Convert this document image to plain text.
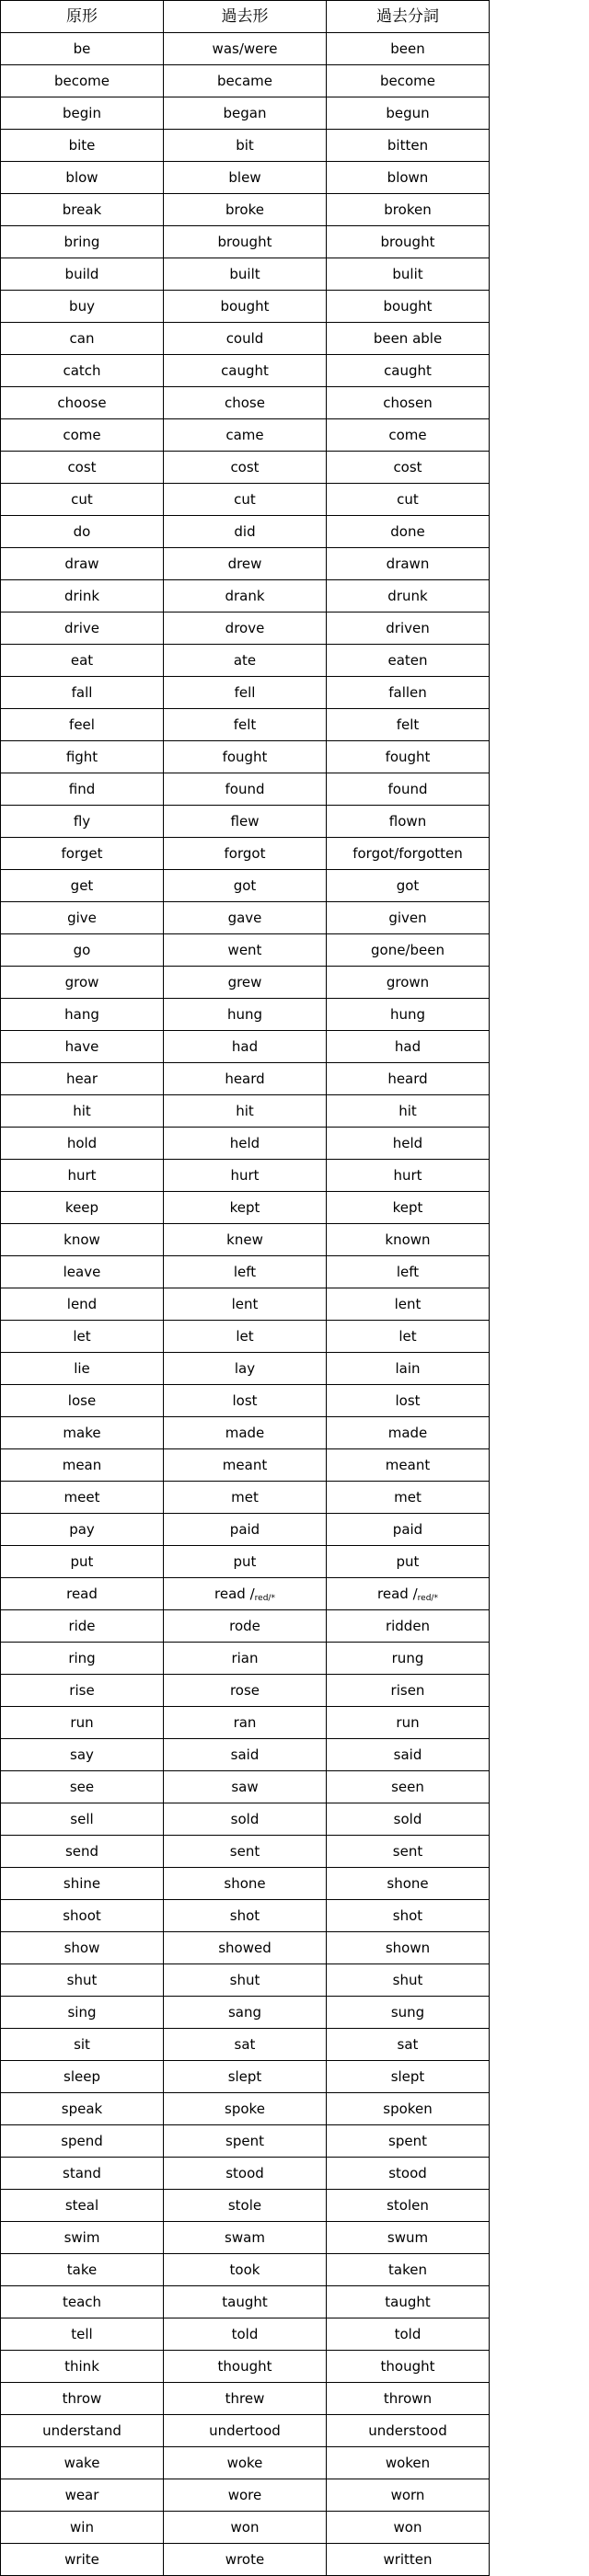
原形	過去形	過去分詞
be	was/were	been
become	became	become
begin	began	begun
bite	bit	bitten
blow	blew	blown
break	broke	broken
bring	brought	brought
build	built	bulit
buy	bought	bought
can	could	been able
catch	caught	caught
choose	chose	chosen
come	came	come
cost	cost	cost
cut	cut	cut
do	did	done
draw	drew	drawn
drink	drank	drunk
drive	drove	driven
eat	ate	eaten
fall	fell	fallen
feel	felt	felt
fight	fought	fought
find	found	found
fly	flew	flown
forget	forgot	forgot/forgotten
get	got	got
give	gave	given
go	went	gone/been
grow	grew	grown
hang	hung	hung
have	had	had
hear	heard	heard
hit	hit	hit
hold	held	held
hurt	hurt	hurt
keep	kept	kept
know	knew	known
leave	left	left
lend	lent	lent
let	let	let
lie	lay	lain
lose	lost	lost
make	made	made
mean	meant	meant
meet	met	met
pay	paid	paid
put	put	put
read	read /red/*	read /red/*
ride	rode	ridden
ring	rian	rung
rise	rose	risen
run	ran	run
say	said	said
see	saw	seen
sell	sold	sold
send	sent	sent
shine	shone	shone
shoot	shot	shot
show	showed	shown
shut	shut	shut
sing	sang	sung
sit	sat	sat
sleep	slept	slept
speak	spoke	spoken
spend	spent	spent
stand	stood	stood
steal	stole	stolen
swim	swam	swum
take	took	taken
teach	taught	taught
tell	told	told
think	thought	thought
throw	threw	thrown
understand	undertood	understood
wake	woke	woken
wear	wore	worn
win	won	won
write	wrote	written
